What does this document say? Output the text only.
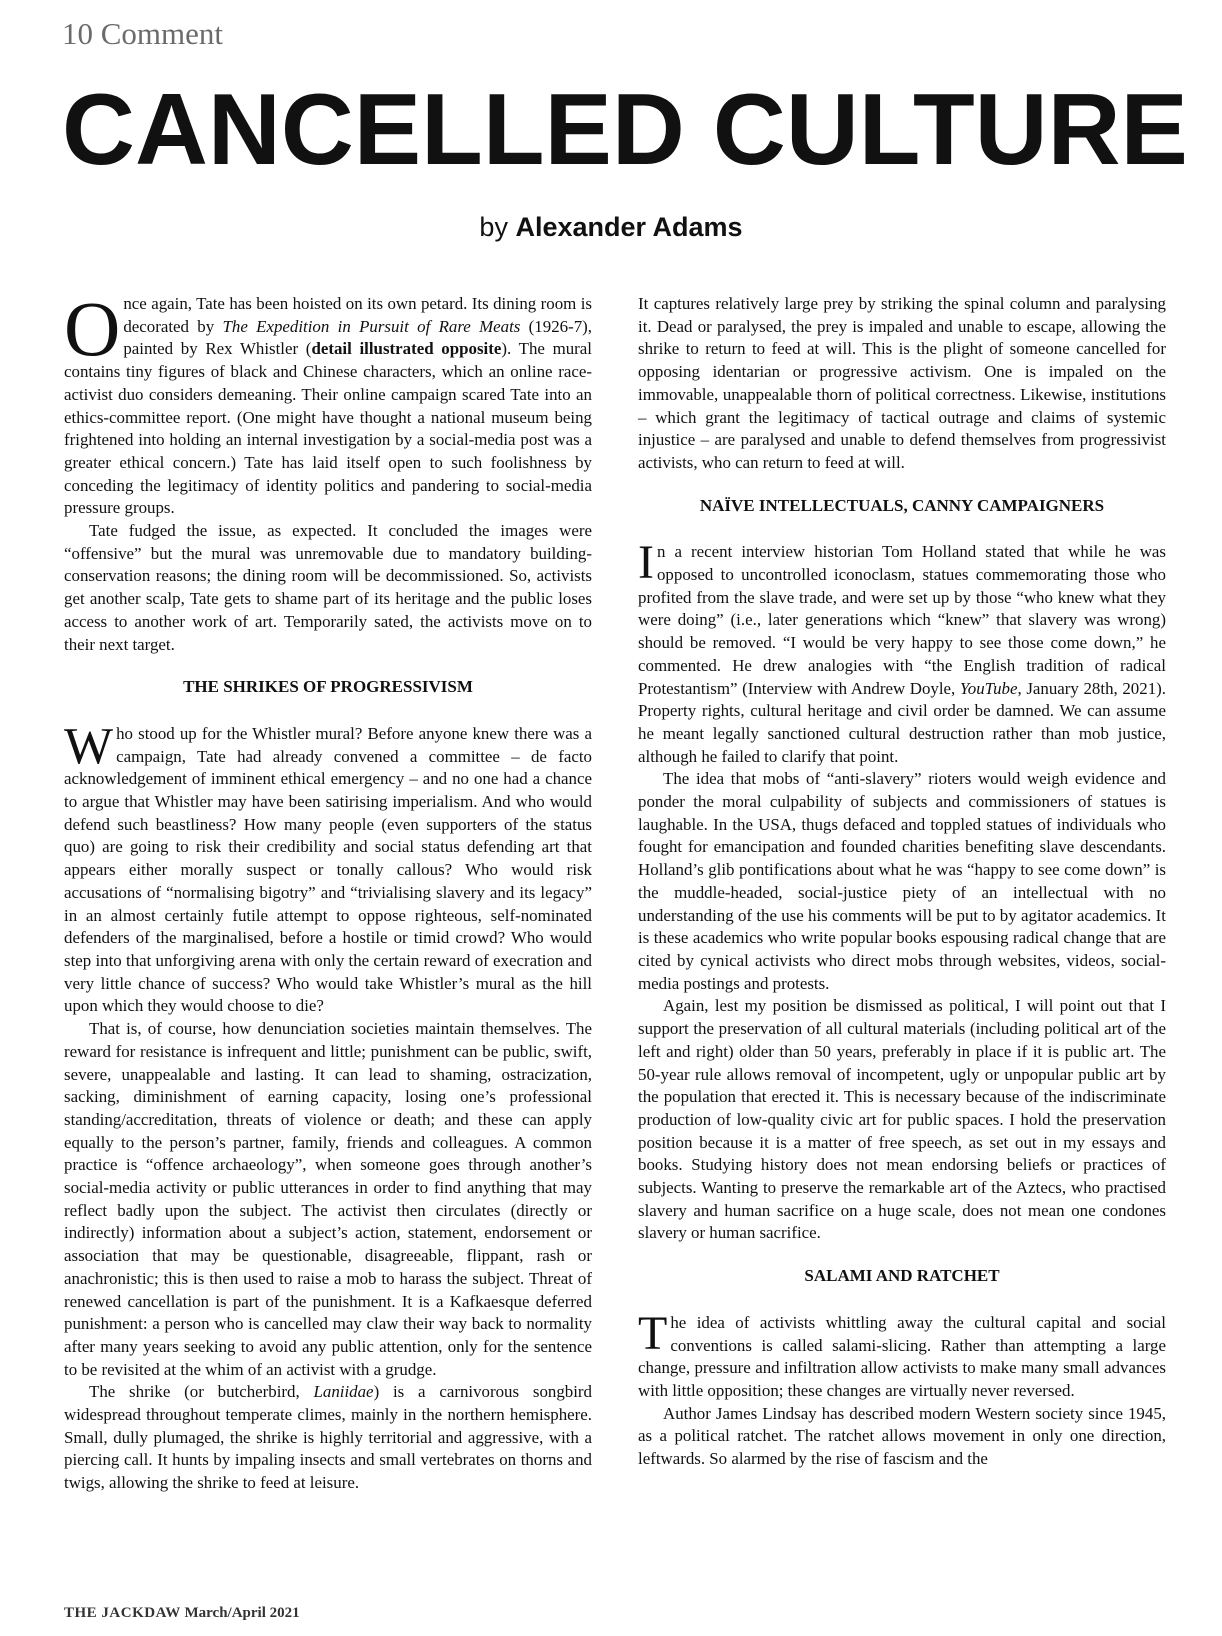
10 Comment
CANCELLED CULTURE
by Alexander Adams

Once again, Tate has been hoisted on its own petard. Its dining room is decorated by The Expedition in Pursuit of Rare Meats (1926-7), painted by Rex Whistler (detail illustrated opposite). The mural contains tiny figures of black and Chinese characters, which an online race-activist duo considers demeaning. Their online campaign scared Tate into an ethics-committee report. (One might have thought a national museum being frightened into holding an internal investigation by a social-media post was a greater ethical concern.) Tate has laid itself open to such foolishness by conceding the legitimacy of identity politics and pandering to social-media pressure groups.

Tate fudged the issue, as expected. It concluded the images were “offensive” but the mural was unremovable due to mandatory building-conservation reasons; the dining room will be decommissioned. So, activists get another scalp, Tate gets to shame part of its heritage and the public loses access to another work of art. Temporarily sated, the activists move on to their next target.

THE SHRIKES OF PROGRESSIVISM

Who stood up for the Whistler mural? Before anyone knew there was a campaign, Tate had already convened a committee – de facto acknowledgement of imminent ethical emergency – and no one had a chance to argue that Whistler may have been satirising imperialism. And who would defend such beastliness? How many people (even supporters of the status quo) are going to risk their credibility and social status defending art that appears either morally suspect or tonally callous? Who would risk accusations of “normalising bigotry” and “trivialising slavery and its legacy” in an almost certainly futile attempt to oppose righteous, self-nominated defenders of the marginalised, before a hostile or timid crowd? Who would step into that unforgiving arena with only the certain reward of execration and very little chance of success? Who would take Whistler’s mural as the hill upon which they would choose to die?

That is, of course, how denunciation societies maintain themselves. The reward for resistance is infrequent and little; punishment can be public, swift, severe, unappealable and lasting. It can lead to shaming, ostracization, sacking, diminishment of earning capacity, losing one’s professional standing/accreditation, threats of violence or death; and these can apply equally to the person’s partner, family, friends and colleagues. A common practice is “offence archaeology”, when someone goes through another’s social-media activity or public utterances in order to find anything that may reflect badly upon the subject. The activist then circulates (directly or indirectly) information about a subject’s action, statement, endorsement or association that may be questionable, disagreeable, flippant, rash or anachronistic; this is then used to raise a mob to harass the subject. Threat of renewed cancellation is part of the punishment. It is a Kafkaesque deferred punishment: a person who is cancelled may claw their way back to normality after many years seeking to avoid any public attention, only for the sentence to be revisited at the whim of an activist with a grudge.

The shrike (or butcherbird, Laniidae) is a carnivorous songbird widespread throughout temperate climes, mainly in the northern hemisphere. Small, dully plumaged, the shrike is highly territorial and aggressive, with a piercing call. It hunts by impaling insects and small vertebrates on thorns and twigs, allowing the shrike to feed at leisure.

It captures relatively large prey by striking the spinal column and paralysing it. Dead or paralysed, the prey is impaled and unable to escape, allowing the shrike to return to feed at will. This is the plight of someone cancelled for opposing identarian or progressive activism. One is impaled on the immovable, unappealable thorn of political correctness. Likewise, institutions – which grant the legitimacy of tactical outrage and claims of systemic injustice – are paralysed and unable to defend themselves from progressivist activists, who can return to feed at will.

NAÏVE INTELLECTUALS, CANNY CAMPAIGNERS

In a recent interview historian Tom Holland stated that while he was opposed to uncontrolled iconoclasm, statues commemorating those who profited from the slave trade, and were set up by those “who knew what they were doing” (i.e., later generations which “knew” that slavery was wrong) should be removed. “I would be very happy to see those come down,” he commented. He drew analogies with “the English tradition of radical Protestantism” (Interview with Andrew Doyle, YouTube, January 28th, 2021). Property rights, cultural heritage and civil order be damned. We can assume he meant legally sanctioned cultural destruction rather than mob justice, although he failed to clarify that point.

The idea that mobs of “anti-slavery” rioters would weigh evidence and ponder the moral culpability of subjects and commissioners of statues is laughable. In the USA, thugs defaced and toppled statues of individuals who fought for emancipation and founded charities benefiting slave descendants. Holland’s glib pontifications about what he was “happy to see come down” is the muddle-headed, social-justice piety of an intellectual with no understanding of the use his comments will be put to by agitator academics. It is these academics who write popular books espousing radical change that are cited by cynical activists who direct mobs through websites, videos, social-media postings and protests.

Again, lest my position be dismissed as political, I will point out that I support the preservation of all cultural materials (including political art of the left and right) older than 50 years, preferably in place if it is public art. The 50-year rule allows removal of incompetent, ugly or unpopular public art by the population that erected it. This is necessary because of the indiscriminate production of low-quality civic art for public spaces. I hold the preservation position because it is a matter of free speech, as set out in my essays and books. Studying history does not mean endorsing beliefs or practices of subjects. Wanting to preserve the remarkable art of the Aztecs, who practised slavery and human sacrifice on a huge scale, does not mean one condones slavery or human sacrifice.

SALAMI AND RATCHET

The idea of activists whittling away the cultural capital and social conventions is called salami-slicing. Rather than attempting a large change, pressure and infiltration allow activists to make many small advances with little opposition; these changes are virtually never reversed.

Author James Lindsay has described modern Western society since 1945, as a political ratchet. The ratchet allows movement in only one direction, leftwards. So alarmed by the rise of fascism and the

THE JACKDAW March/April 2021
